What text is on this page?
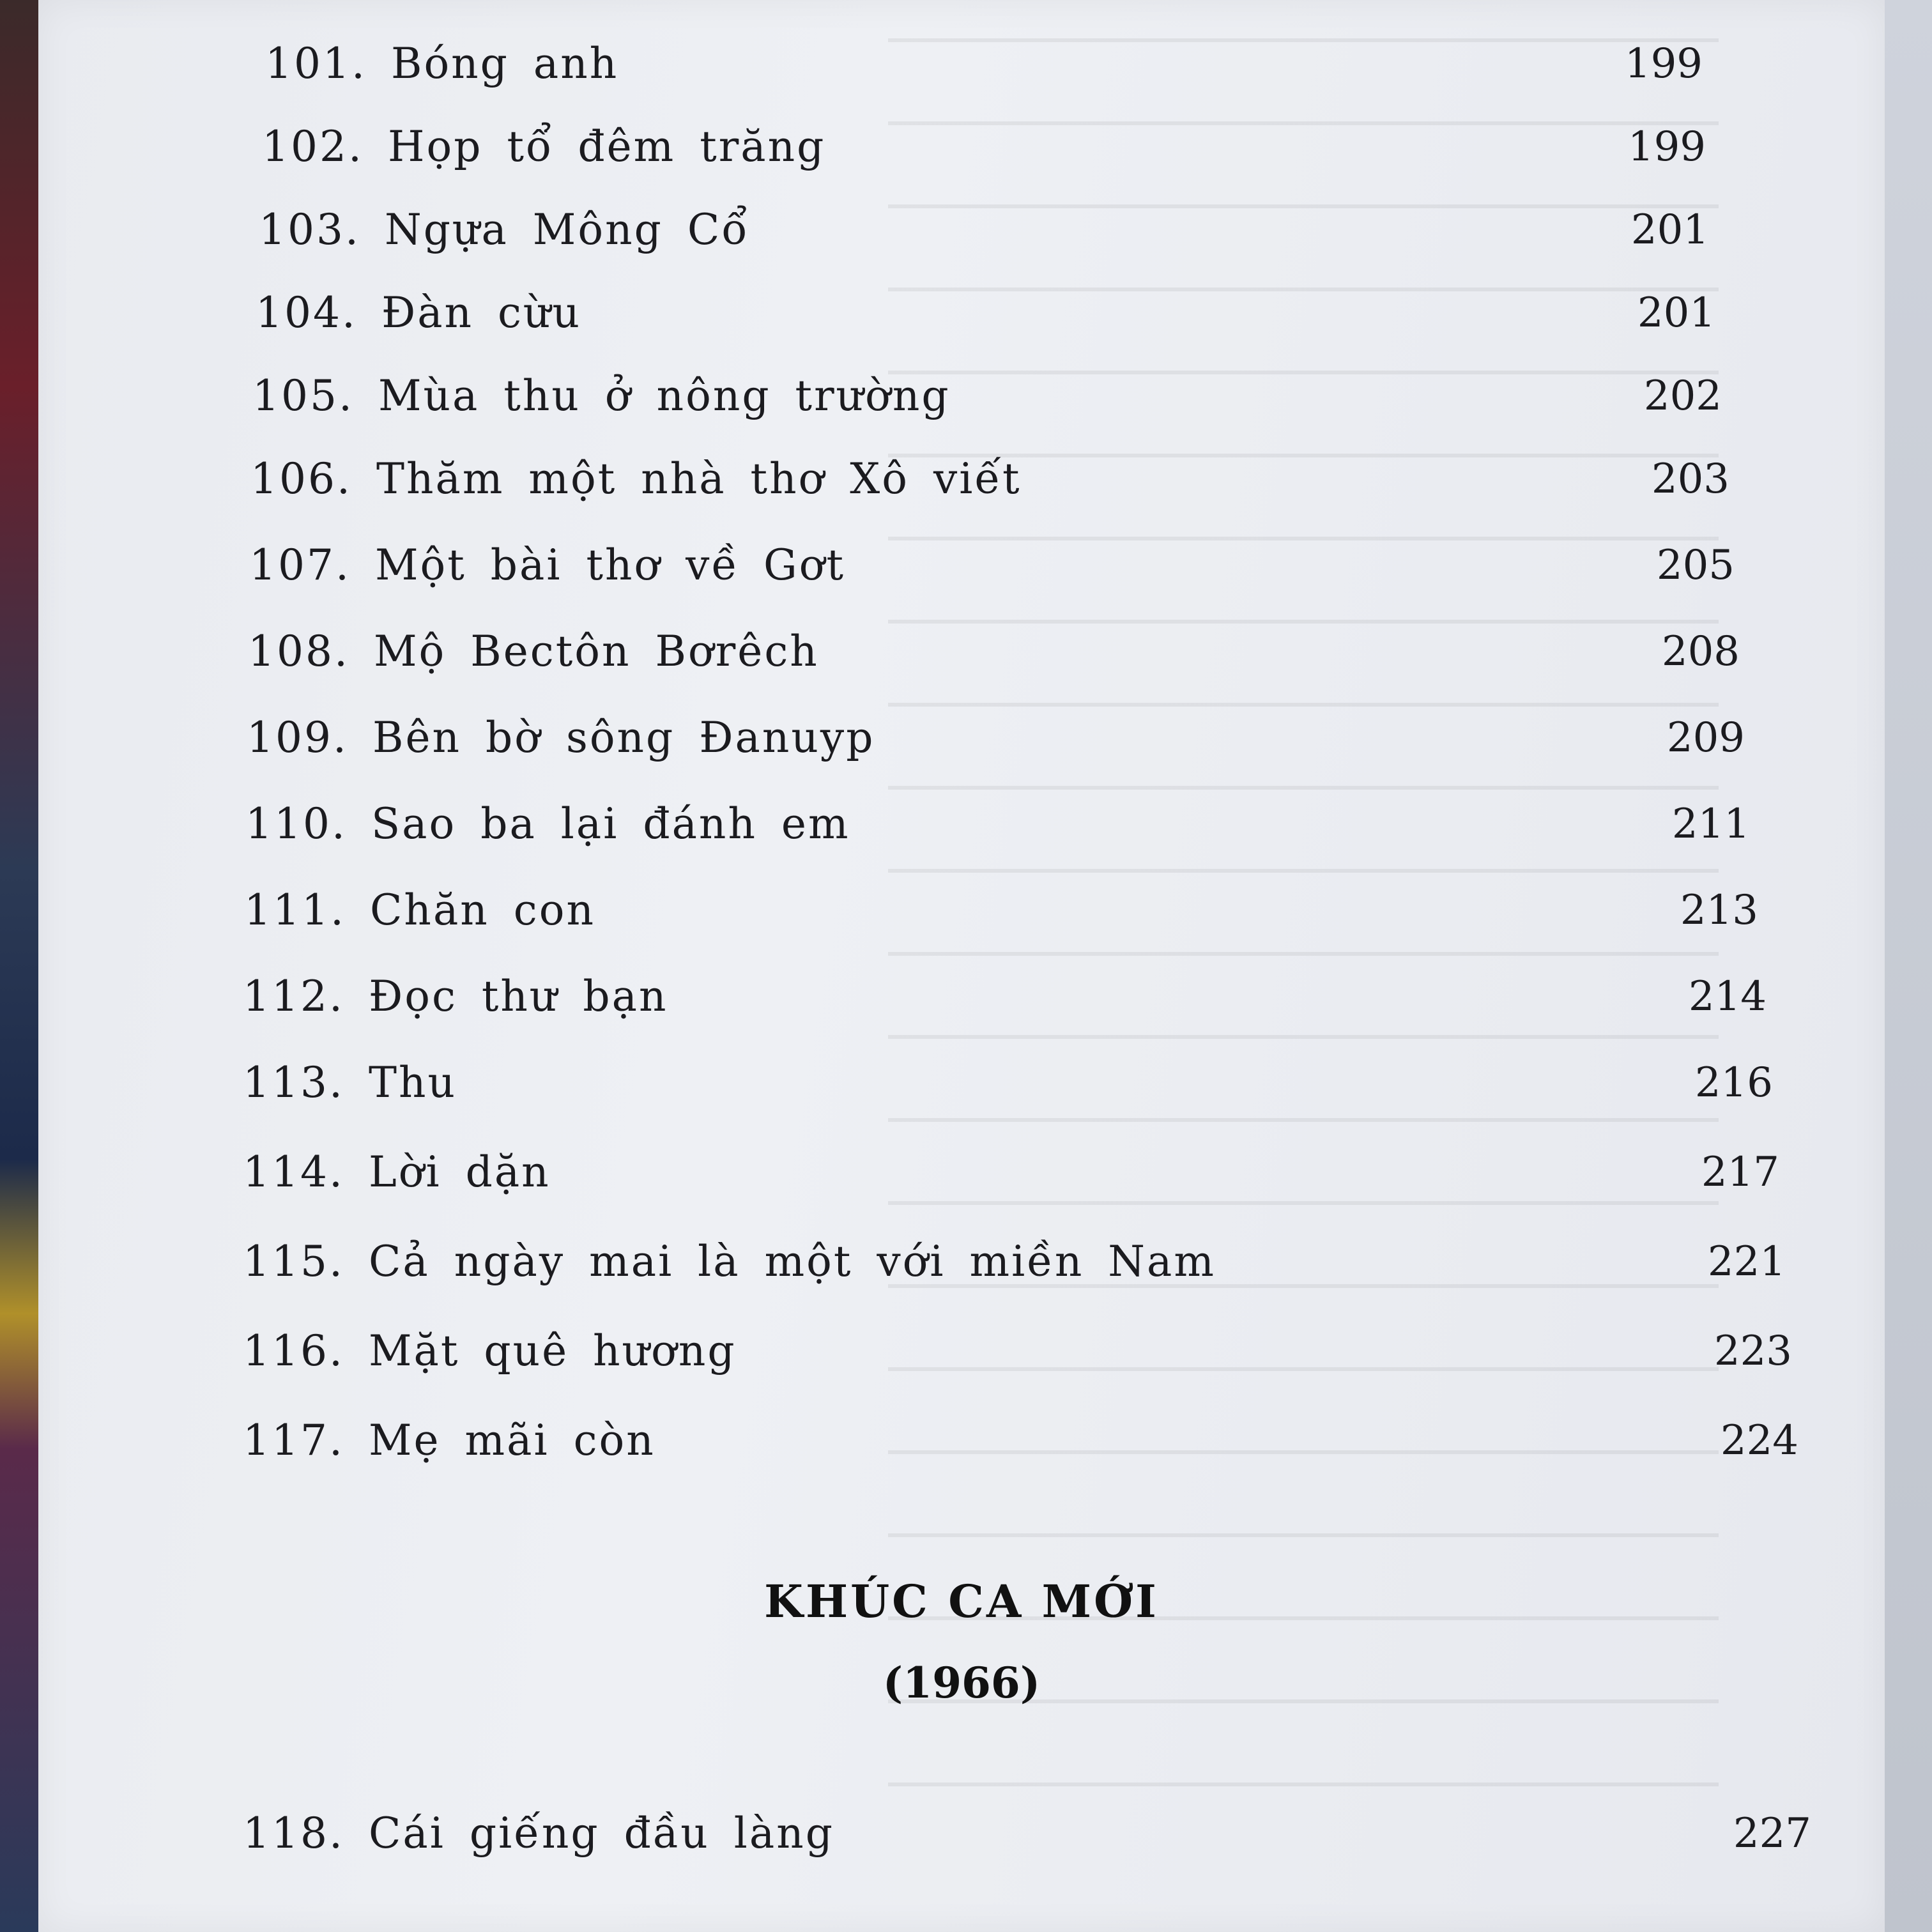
101. Bóng anh	199
102. Họp tổ đêm trăng	199
103. Ngựa Mông Cổ	201
104. Đàn cừu	201
105. Mùa thu ở nông trường	202
106. Thăm một nhà thơ Xô viết	203
107. Một bài thơ về Gơt	205
108. Mộ Bectôn Bơrêch	208
109. Bên bờ sông Đanuyp	209
110. Sao ba lại đánh em	211
111. Chăn con	213
112. Đọc thư bạn	214
113. Thu	216
114. Lời dặn	217
115. Cả ngày mai là một với miền Nam	221
116. Mặt quê hương	223
117. Mẹ mãi còn	224
KHÚC CA MỚI
(1966)
118. Cái giếng đầu làng	227
